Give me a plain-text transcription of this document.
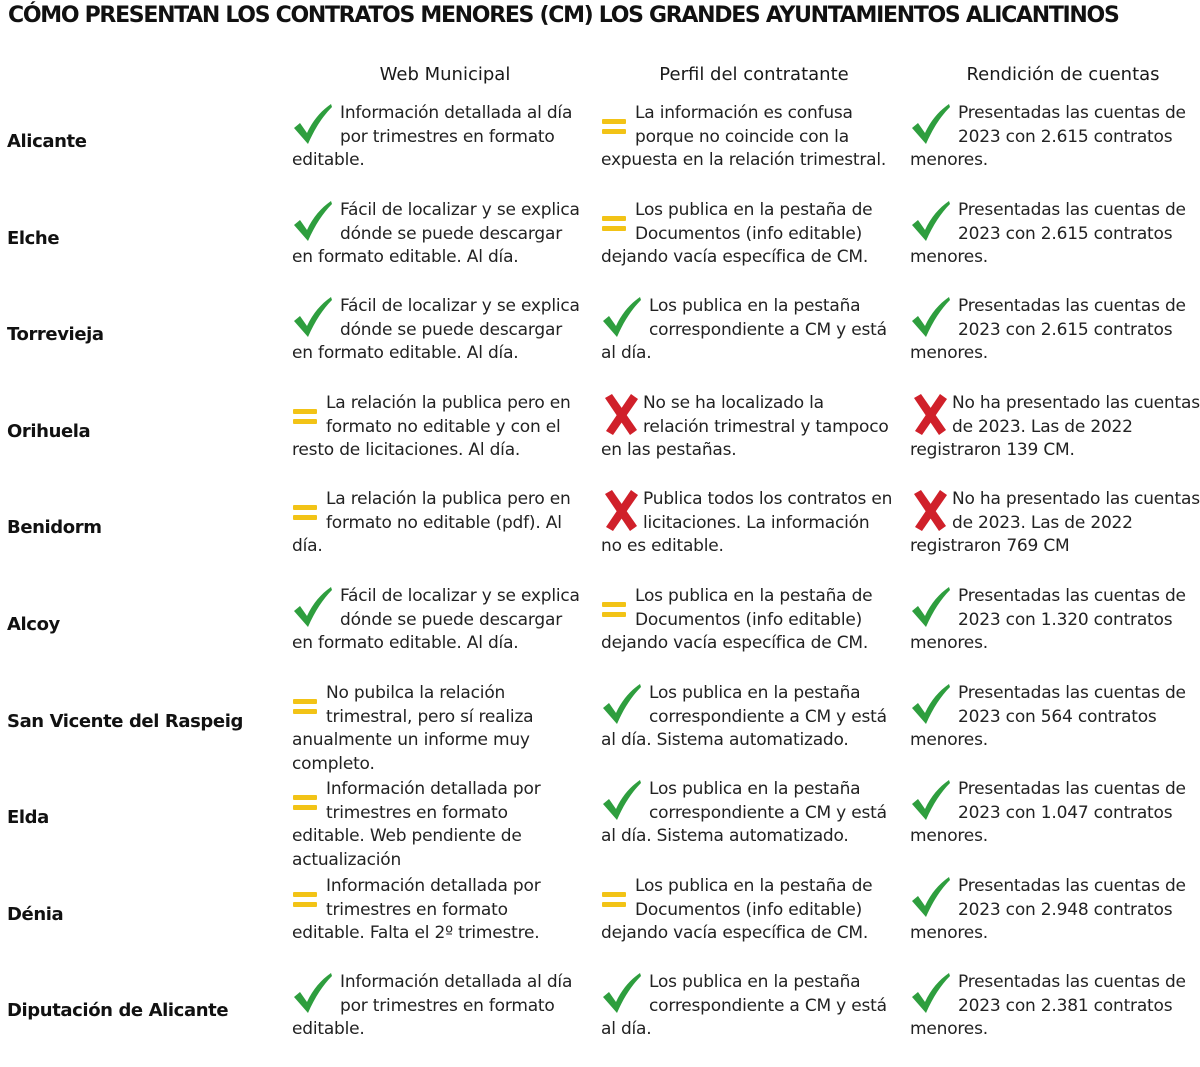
CÓMO PRESENTAN LOS CONTRATOS MENORES (CM) LOS GRANDES AYUNTAMIENTOS ALICANTINOS
Web Municipal	Perfil del contratante	Rendición de cuentas
Alicante
Información detallada al día por trimestres en formato editable.
La información es confusa porque no coincide con la expuesta en la relación trimestral.
Presentadas las cuentas de 2023 con 2.615 contratos menores.
Elche
Fácil de localizar y se explica dónde se puede descargar en formato editable. Al día.
Los publica en la pestaña de Documentos (info editable) dejando vacía específica de CM.
Presentadas las cuentas de 2023 con 2.615 contratos menores.
Torrevieja
Fácil de localizar y se explica dónde se puede descargar en formato editable. Al día.
Los publica en la pestaña correspondiente a CM y está al día.
Presentadas las cuentas de 2023 con 2.615 contratos menores.
Orihuela
La relación la publica pero en formato no editable y con el resto de licitaciones. Al día.
No se ha localizado la relación trimestral y tampoco en las pestañas.
No ha presentado las cuentas de 2023. Las de 2022 registraron 139 CM.
Benidorm
La relación la publica pero en formato no editable (pdf). Al día.
Publica todos los contratos en licitaciones. La información no es editable.
No ha presentado las cuentas de 2023. Las de 2022 registraron 769 CM
Alcoy
Fácil de localizar y se explica dónde se puede descargar en formato editable. Al día.
Los publica en la pestaña de Documentos (info editable) dejando vacía específica de CM.
Presentadas las cuentas de 2023 con 1.320 contratos menores.
San Vicente del Raspeig
No pubilca la relación trimestral, pero sí realiza anualmente un informe muy completo.
Los publica en la pestaña correspondiente a CM y está al día. Sistema automatizado.
Presentadas las cuentas de 2023 con 564 contratos menores.
Elda
Información detallada por trimestres en formato editable. Web pendiente de actualización
Los publica en la pestaña correspondiente a CM y está al día. Sistema automatizado.
Presentadas las cuentas de 2023 con 1.047 contratos menores.
Dénia
Información detallada por trimestres en formato editable. Falta el 2º trimestre.
Los publica en la pestaña de Documentos (info editable) dejando vacía específica de CM.
Presentadas las cuentas de 2023 con 2.948 contratos menores.
Diputación de Alicante
Información detallada al día por trimestres en formato editable.
Los publica en la pestaña correspondiente a CM y está al día.
Presentadas las cuentas de 2023 con 2.381 contratos menores.
